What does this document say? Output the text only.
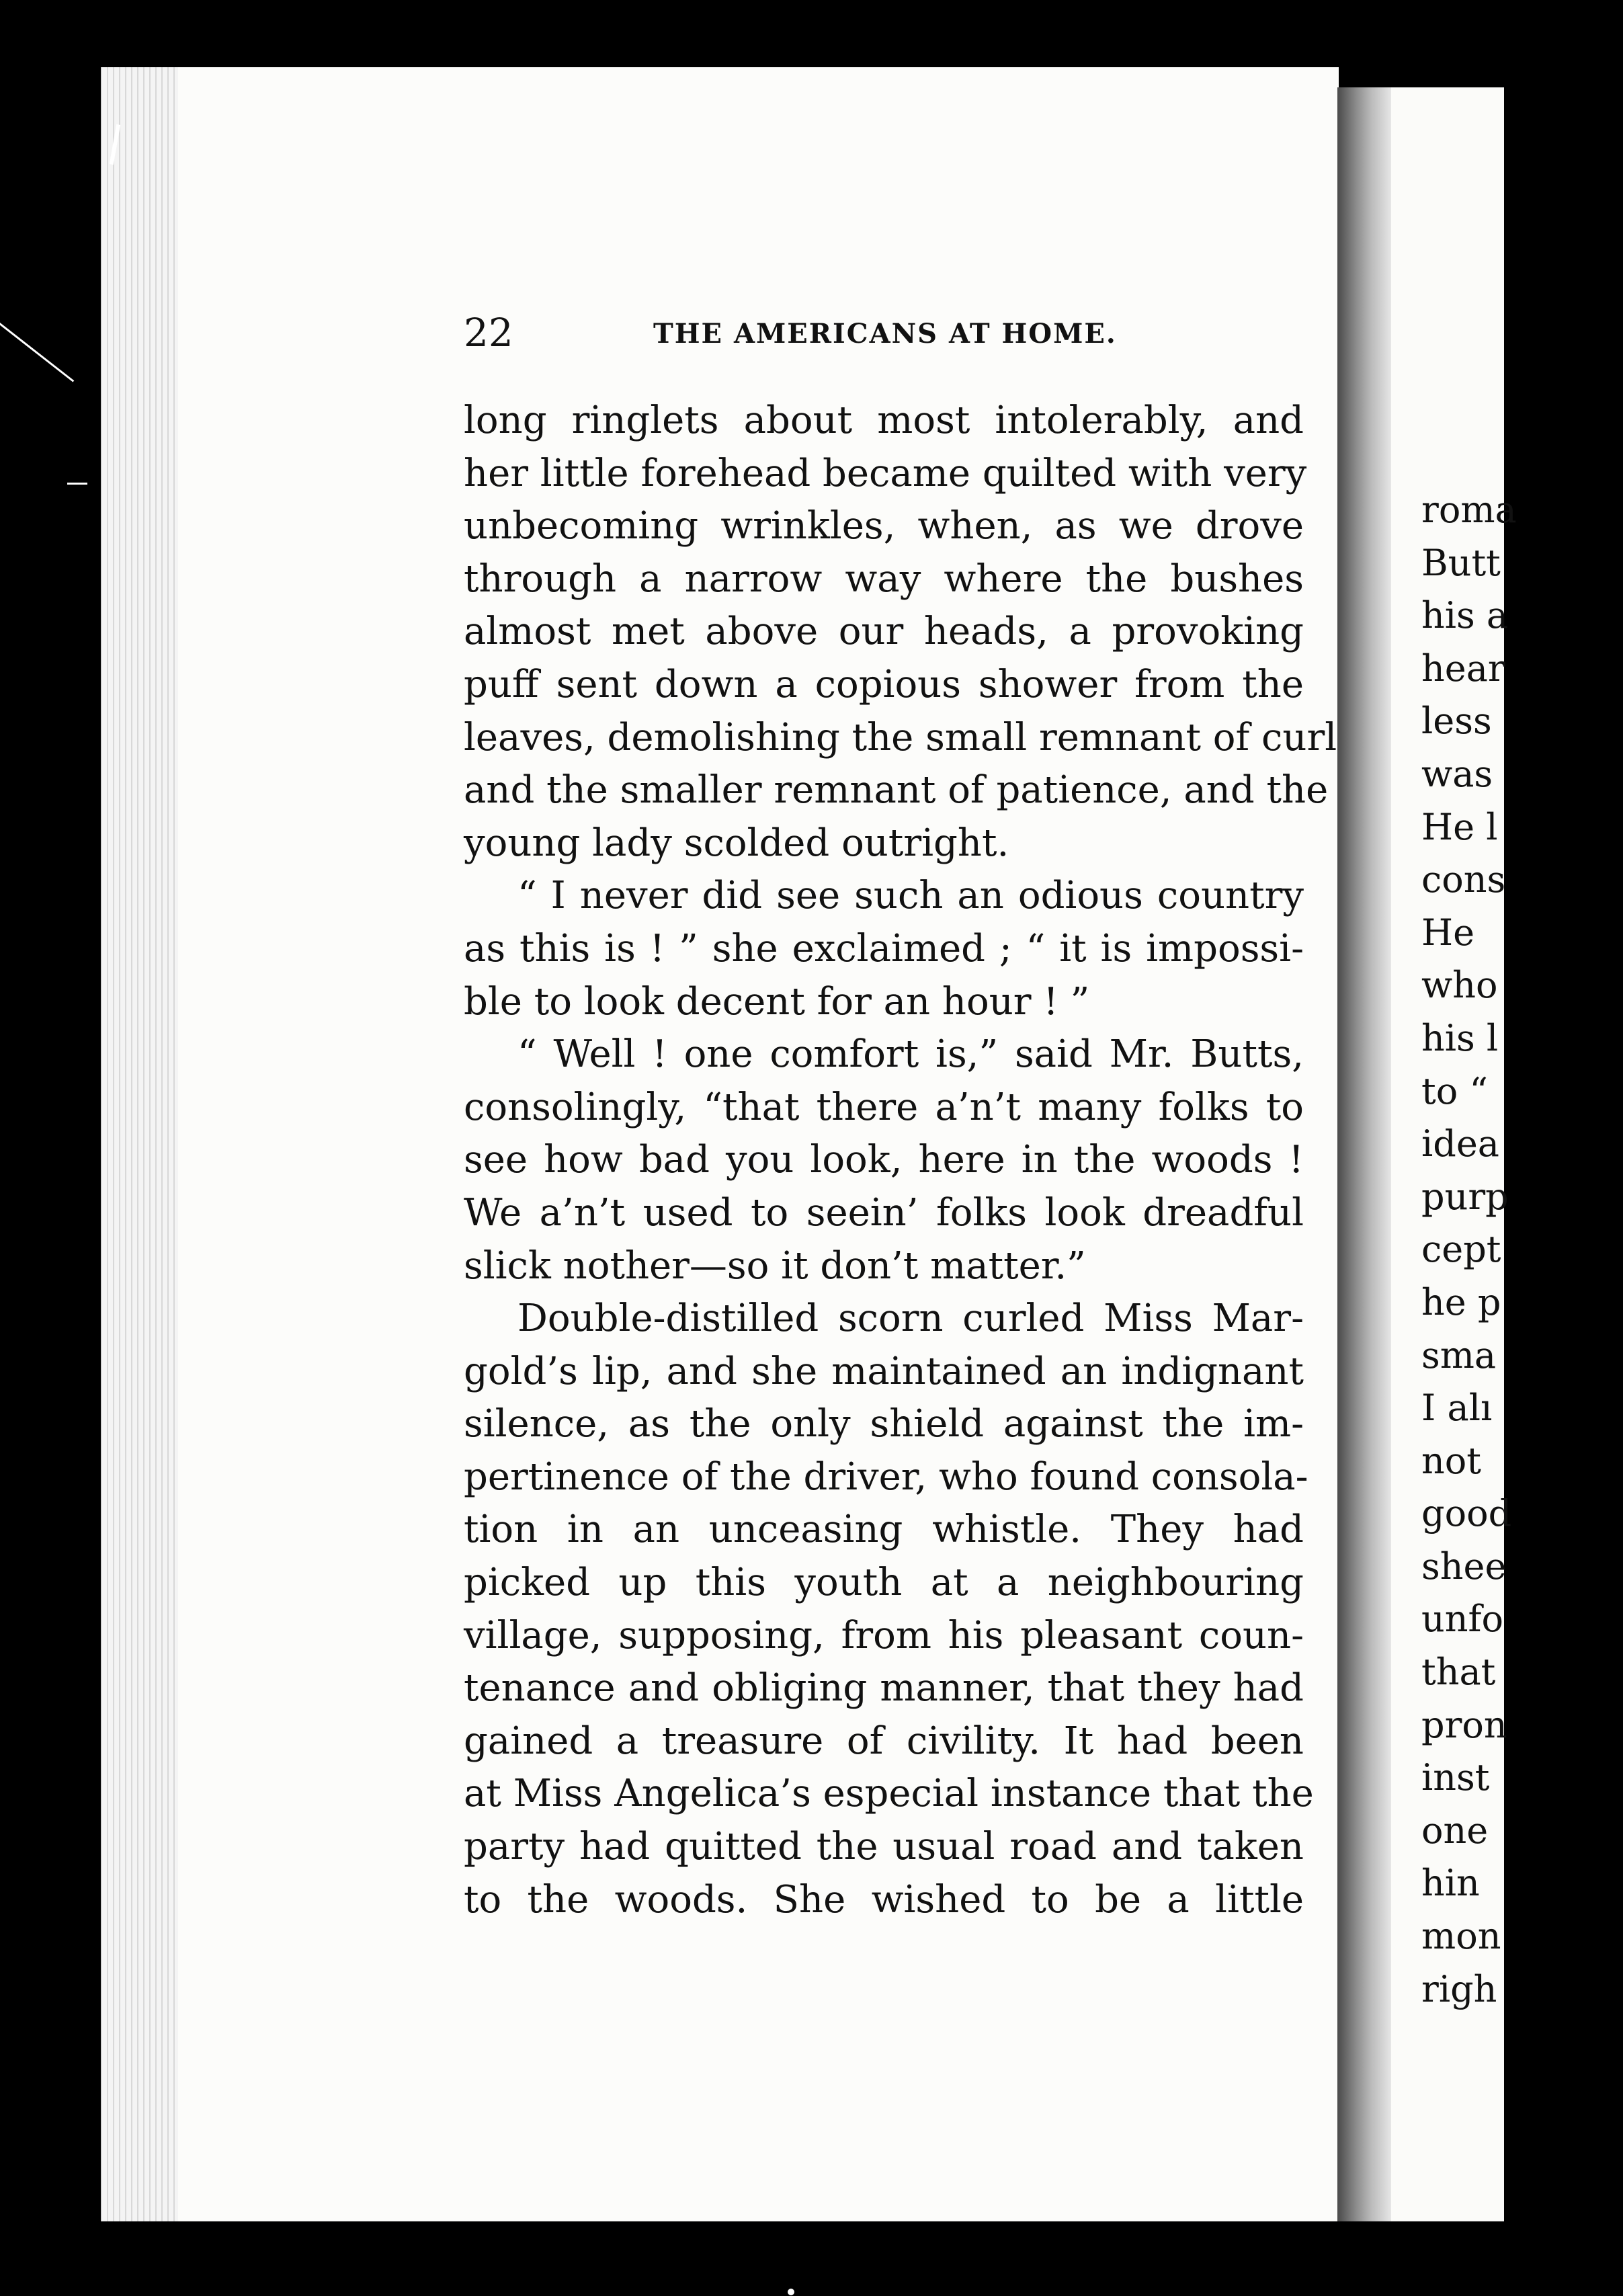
roma
Butt
his a
hear
less
was
He l
cons
He
who
his l
to “
idea
purp
cept
he p
sma
I alı
not
good
shee
unfo
that
pron
inst
one
hin
mon
righ
22	THE AMERICANS AT HOME.
long ringlets about most intolerably, and
her little forehead became quilted with very
unbecoming wrinkles, when, as we drove
through a narrow way where the bushes
almost met above our heads, a provoking
puff sent down a copious shower from the
leaves, demolishing the small remnant of curl
and the smaller remnant of patience, and the
young lady scolded outright.
“ I never did see such an odious country
as this is ! ” she exclaimed ; “ it is impossi-
ble to look decent for an hour ! ”
“ Well ! one comfort is,” said Mr. Butts,
consolingly, “that there a’n’t many folks to
see how bad you look, here in the woods !
We a’n’t used to seein’ folks look dreadful
slick nother—so it don’t matter.”
Double-distilled scorn curled Miss Mar-
gold’s lip, and she maintained an indignant
silence, as the only shield against the im-
pertinence of the driver, who found consola-
tion in an unceasing whistle. They had
picked up this youth at a neighbouring
village, supposing, from his pleasant coun-
tenance and obliging manner, that they had
gained a treasure of civility. It had been
at Miss Angelica’s especial instance that the
party had quitted the usual road and taken
to the woods. She wished to be a little
